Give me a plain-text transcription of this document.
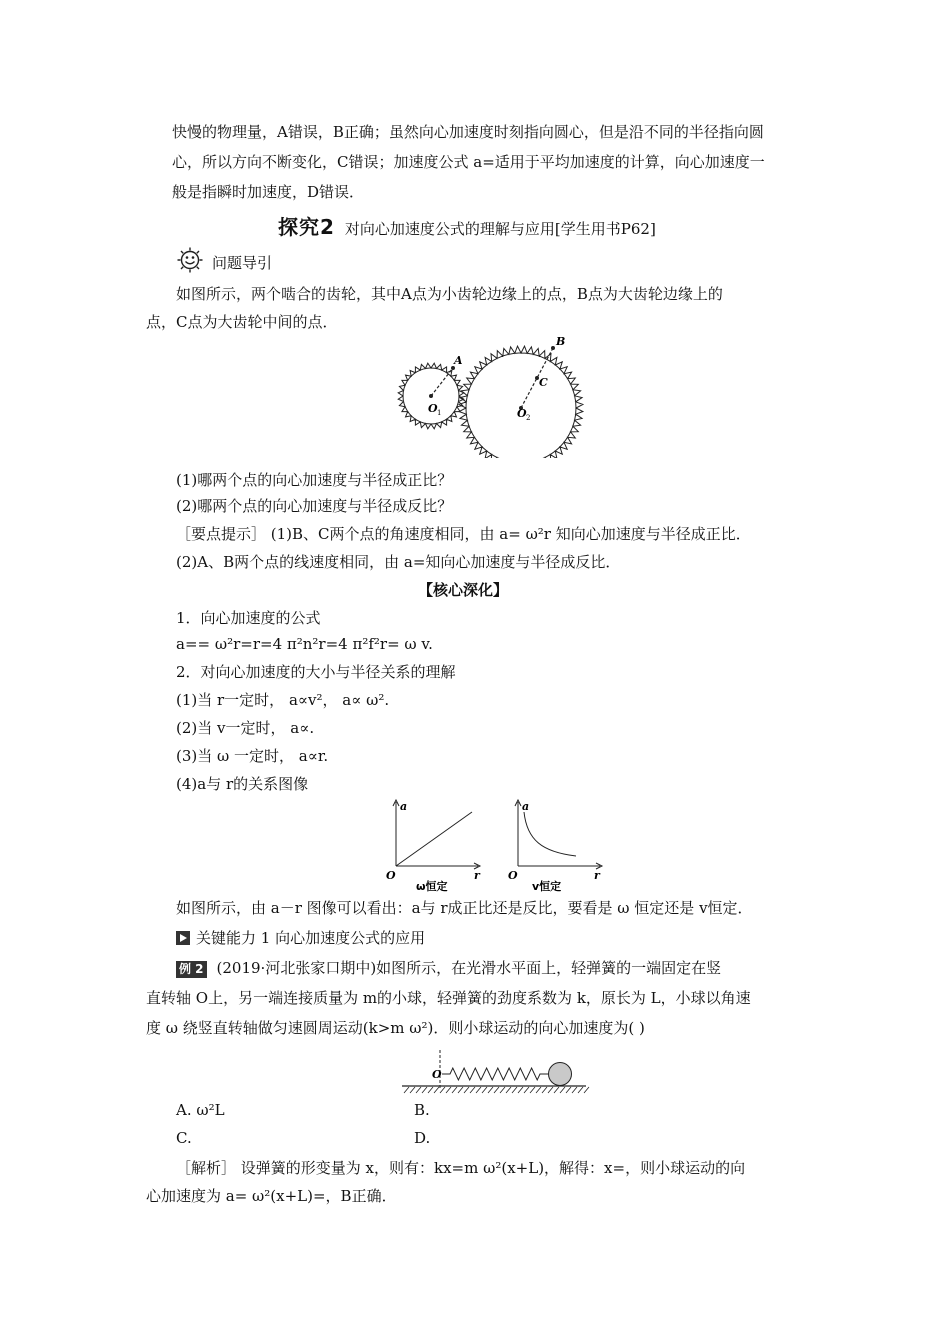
快慢的物理量，A错误，B正确；虽然向心加速度时刻指向圆心，但是沿不同的半径指向圆
心，所以方向不断变化，C错误；加速度公式 a=适用于平均加速度的计算，向心加速度一
般是指瞬时加速度，D错误．
探究2 对向心加速度公式的理解与应用[学生用书P62]
问题导引
如图所示，两个啮合的齿轮，其中A点为小齿轮边缘上的点，B点为大齿轮边缘上的
点，C点为大齿轮中间的点．
A
B
C
O 1	O 2
(1)哪两个点的向心加速度与半径成正比？
(2)哪两个点的向心加速度与半径成反比？
［要点提示］ (1)B、C两个点的角速度相同，由 a= ω²r 知向心加速度与半径成正比．
(2)A、B两个点的线速度相同，由 a=知向心加速度与半径成反比．
【核心深化】
1．向心加速度的公式
a== ω²r=r=4 π²n²r=4 π²f²r= ω v.
2．对向心加速度的大小与半径关系的理解
(1)当 r一定时， a∝v²， a∝ ω².
(2)当 v一定时， a∝.
(3)当 ω 一定时， a∝r.
(4)a与 r的关系图像
a
r
O
ω恒定
a
r
O
v恒定
如图所示，由 a－r 图像可以看出：a与 r成正比还是反比，要看是 ω 恒定还是 v恒定．
关键能力 1 向心加速度公式的应用
例 2 (2019·河北张家口期中)如图所示，在光滑水平面上，轻弹簧的一端固定在竖
直转轴 O上，另一端连接质量为 m的小球，轻弹簧的劲度系数为 k，原长为 L，小球以角速
度 ω 绕竖直转轴做匀速圆周运动(k>m ω²)．则小球运动的向心加速度为( )
O
A. ω²L	B.
C.	D.
［解析］ 设弹簧的形变量为 x，则有：kx=m ω²(x+L)，解得：x=，则小球运动的向
心加速度为 a= ω²(x+L)=，B正确．
